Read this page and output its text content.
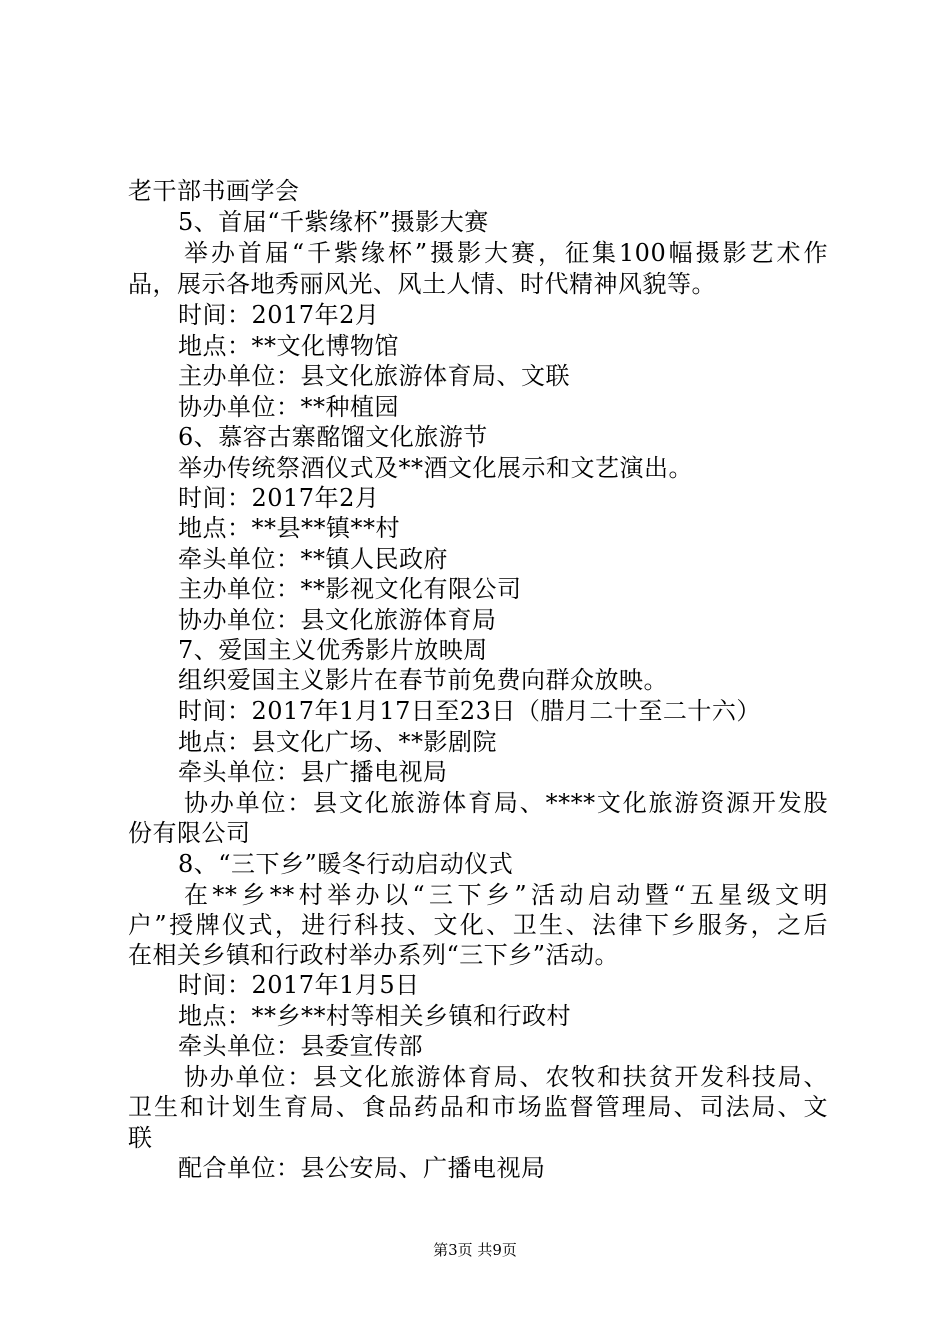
老干部书画学会
5、首届“千紫缘杯”摄影大赛
举办首届“千紫缘杯”摄影大赛，征集100幅摄影艺术作
品，展示各地秀丽风光、风土人情、时代精神风貌等。
时间：2017年2月
地点：**文化博物馆
主办单位：县文化旅游体育局、文联
协办单位：**种植园
6、慕容古寨酩馏文化旅游节
举办传统祭酒仪式及**酒文化展示和文艺演出。
时间：2017年2月
地点：**县**镇**村
牵头单位：**镇人民政府
主办单位：**影视文化有限公司
协办单位：县文化旅游体育局
7、爱国主义优秀影片放映周
组织爱国主义影片在春节前免费向群众放映。
时间：2017年1月17日至23日（腊月二十至二十六）
地点：县文化广场、**影剧院
牵头单位：县广播电视局
协办单位：县文化旅游体育局、****文化旅游资源开发股
份有限公司
8、“三下乡”暖冬行动启动仪式
在**乡**村举办以“三下乡”活动启动暨“五星级文明
户”授牌仪式，进行科技、文化、卫生、法律下乡服务，之后
在相关乡镇和行政村举办系列“三下乡”活动。
时间：2017年1月5日
地点：**乡**村等相关乡镇和行政村
牵头单位：县委宣传部
协办单位：县文化旅游体育局、农牧和扶贫开发科技局、
卫生和计划生育局、食品药品和市场监督管理局、司法局、文
联
配合单位：县公安局、广播电视局
第3页 共9页
